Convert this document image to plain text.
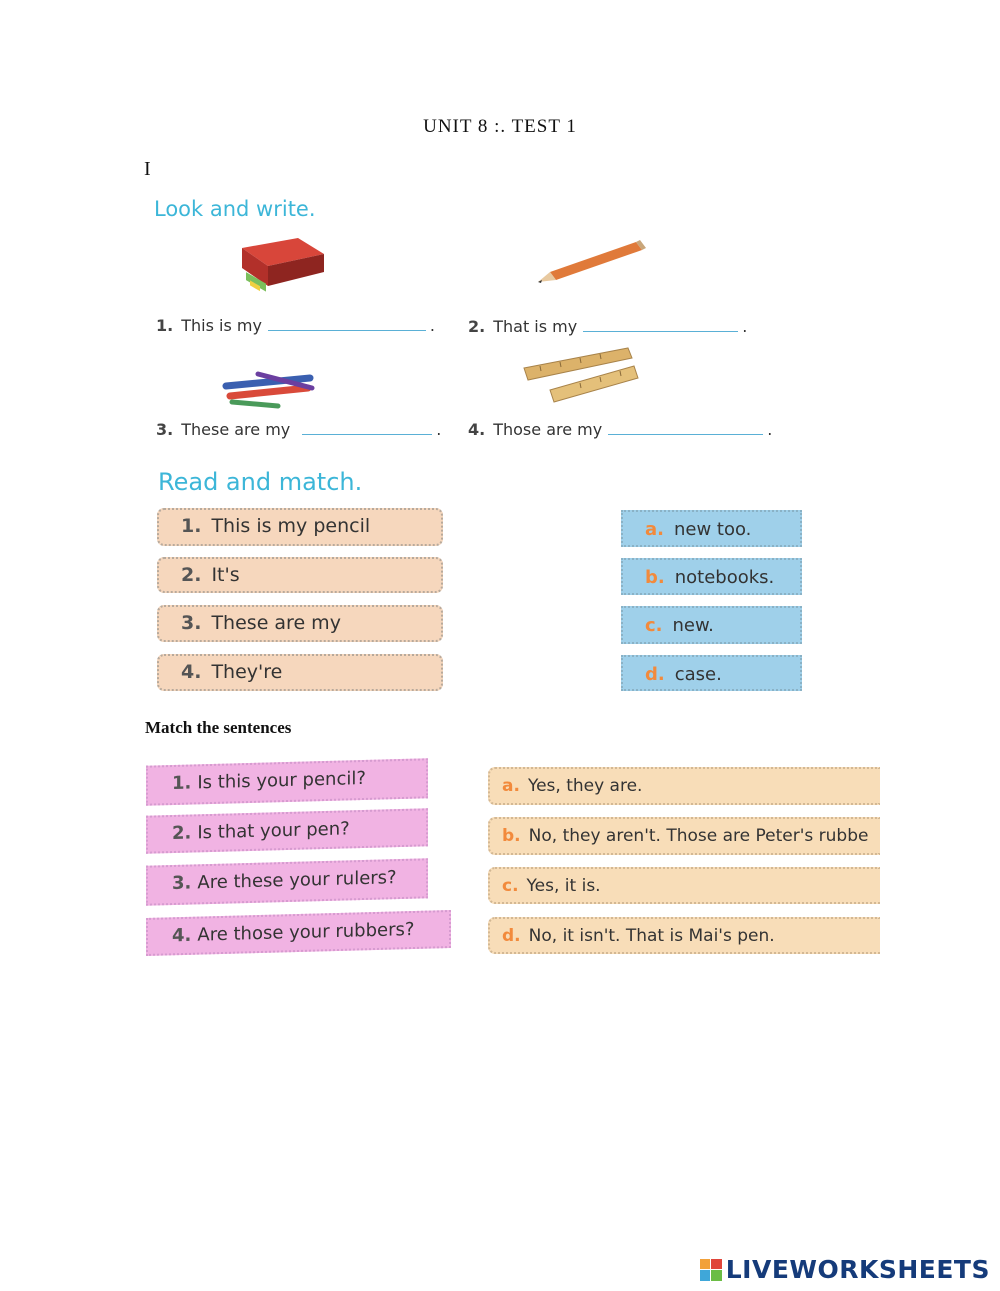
UNIT 8 :. TEST 1
I
Look and write.
1. This is my	. 2. That is my	.
3. These are my	. 4. Those are my	.
Read and match.
1. This is my pencil
2. It's
3. These are my
4. They're
a. new too.
b. notebooks.
c. new.
d. case.
Match the sentences
1. Is this your pencil?
2. Is that your pen?
3. Are these your rulers?
4. Are those your rubbers?
a. Yes, they are.
b. No, they aren't. Those are Peter's rubbe
c. Yes, it is.
d. No, it isn't. That is Mai's pen.
LIVEWORKSHEETS
